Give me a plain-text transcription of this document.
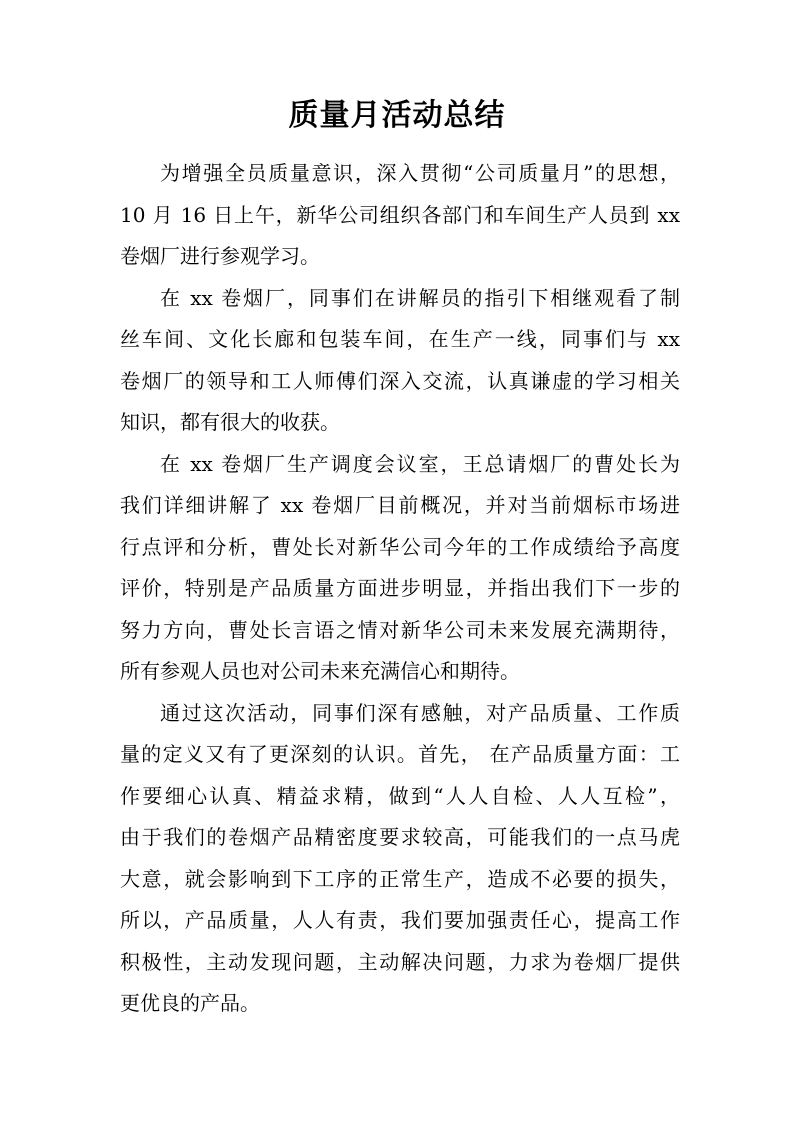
质量月活动总结

为增强全员质量意识，深入贯彻“公司质量月”的思想，

10 月 16 日上午，新华公司组织各部门和车间生产人员到 xx

卷烟厂进行参观学习。

在 xx 卷烟厂，同事们在讲解员的指引下相继观看了制

丝车间、文化长廊和包装车间，在生产一线，同事们与 xx

卷烟厂的领导和工人师傅们深入交流，认真谦虚的学习相关

知识，都有很大的收获。

在 xx 卷烟厂生产调度会议室，王总请烟厂的曹处长为

我们详细讲解了 xx 卷烟厂目前概况，并对当前烟标市场进

行点评和分析，曹处长对新华公司今年的工作成绩给予高度

评价，特别是产品质量方面进步明显，并指出我们下一步的

努力方向，曹处长言语之情对新华公司未来发展充满期待，

所有参观人员也对公司未来充满信心和期待。

通过这次活动，同事们深有感触，对产品质量、工作质

量的定义又有了更深刻的认识。首先， 在产品质量方面：工

作要细心认真、精益求精，做到“人人自检、人人互检”，

由于我们的卷烟产品精密度要求较高，可能我们的一点马虎

大意，就会影响到下工序的正常生产，造成不必要的损失，

所以，产品质量，人人有责，我们要加强责任心，提高工作

积极性，主动发现问题，主动解决问题，力求为卷烟厂提供

更优良的产品。
